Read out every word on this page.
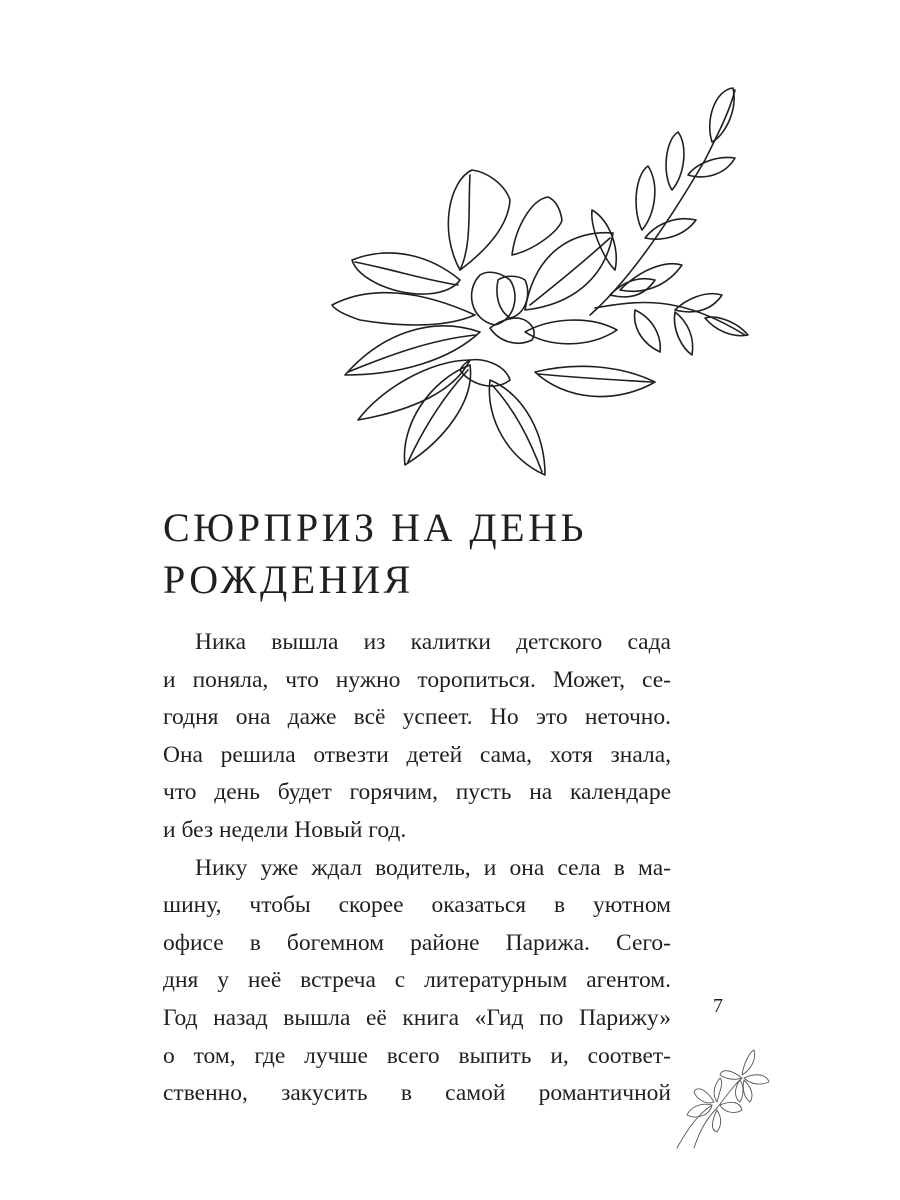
СЮРПРИЗ НА ДЕНЬ
РОЖДЕНИЯ
Ника вышла из калитки детского сада
и поняла, что нужно торопиться. Может, се-
годня она даже всё успеет. Но это неточно.
Она решила отвезти детей сама, хотя знала,
что день будет горячим, пусть на календаре
и без недели Новый год.
Нику уже ждал водитель, и она села в ма-
шину, чтобы скорее оказаться в уютном
офисе в богемном районе Парижа. Сего-
дня у неё встреча с литературным агентом.
Год назад вышла её книга «Гид по Парижу»
о том, где лучше всего выпить и, соответ-
ственно, закусить в самой романтичной
7
